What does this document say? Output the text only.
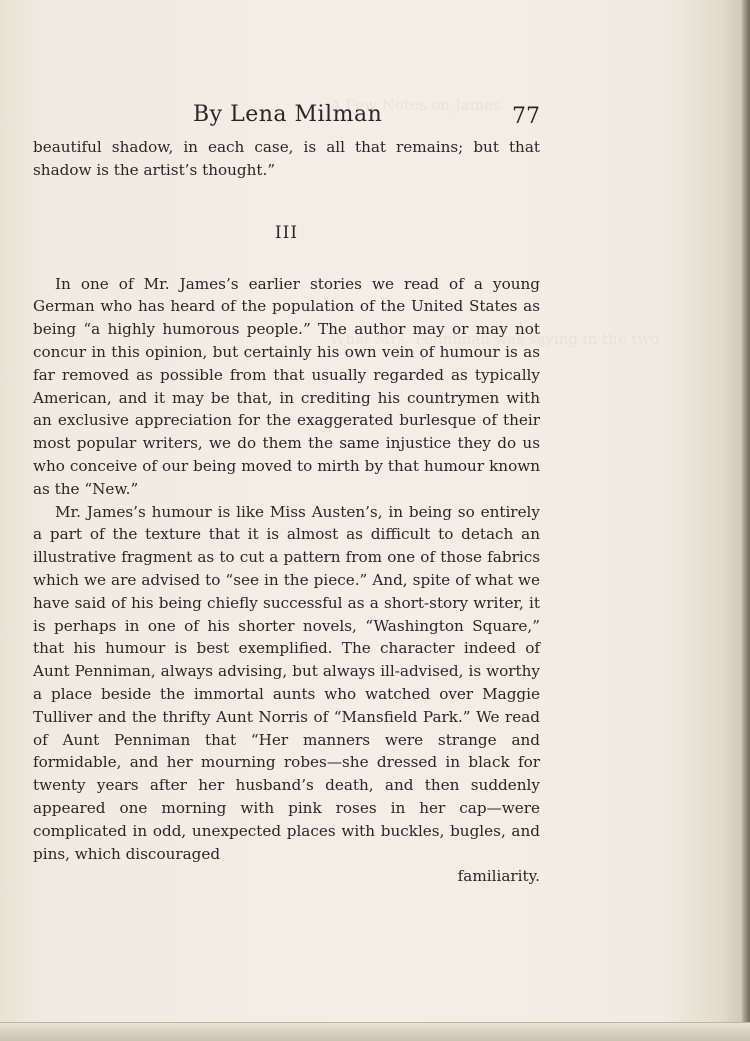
A Few Notes on James
What Mrs. Penniman was saying in the two
By Lena Milman	77

beautiful shadow, in each case, is all that remains; but that shadow is the artist’s thought.”

III

In one of Mr. James’s earlier stories we read of a young German who has heard of the population of the United States as being “a highly humorous people.” The author may or may not concur in this opinion, but certainly his own vein of humour is as far removed as possible from that usually regarded as typically American, and it may be that, in crediting his countrymen with an exclusive appreciation for the exaggerated burlesque of their most popular writers, we do them the same injustice they do us who conceive of our being moved to mirth by that humour known as the “New.”

Mr. James’s humour is like Miss Austen’s, in being so entirely a part of the texture that it is almost as difficult to detach an illustrative fragment as to cut a pattern from one of those fabrics which we are advised to “see in the piece.” And, spite of what we have said of his being chiefly successful as a short-story writer, it is perhaps in one of his shorter novels, “Washington Square,” that his humour is best exemplified. The character indeed of Aunt Penniman, always advising, but always ill-advised, is worthy a place beside the immortal aunts who watched over Maggie Tulliver and the thrifty Aunt Norris of “Mansfield Park.” We read of Aunt Penniman that “Her manners were strange and formidable, and her mourning robes—she dressed in black for twenty years after her husband’s death, and then suddenly appeared one morning with pink roses in her cap—were complicated in odd, unexpected places with buckles, bugles, and pins, which discouraged

familiarity.
